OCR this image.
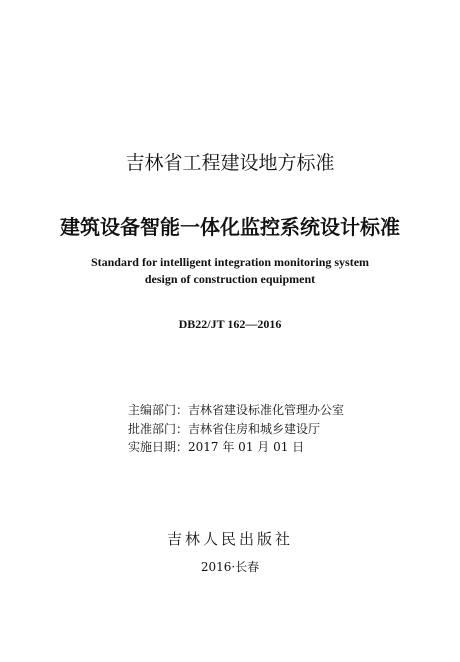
吉林省工程建设地方标准
建筑设备智能一体化监控系统设计标准
Standard for intelligent integration monitoring system
design of construction equipment
DB22/JT 162—2016
主编部门：吉林省建设标准化管理办公室
批准部门：吉林省住房和城乡建设厅
实施日期：2017 年 01 月 01 日
吉林人民出版社
2016·长春
